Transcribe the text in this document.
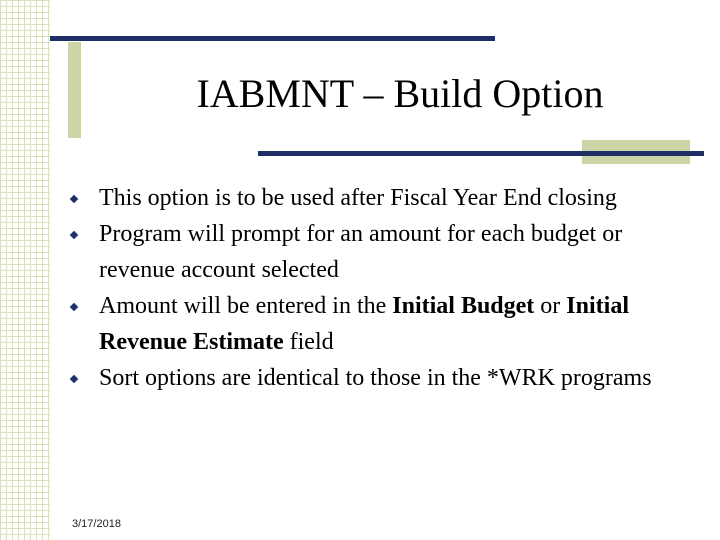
IABMNT – Build Option
This option is to be used after Fiscal Year End closing
Program will prompt for an amount for each budget or revenue account selected
Amount will be entered in the Initial Budget or Initial Revenue Estimate field
Sort options are identical to those in the *WRK programs
3/17/2018
